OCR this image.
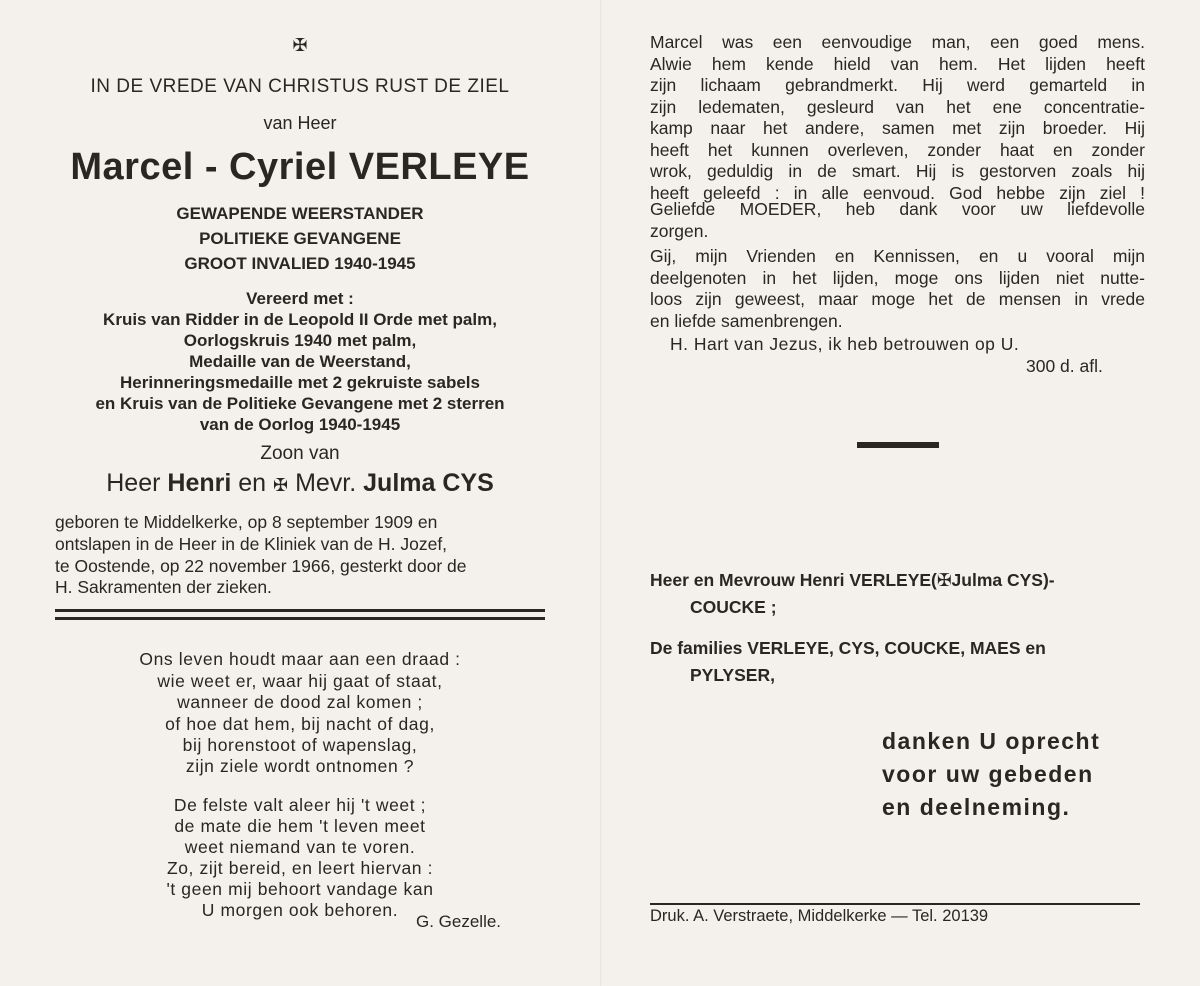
✠
IN DE VREDE VAN CHRISTUS RUST DE ZIEL
van Heer
Marcel - Cyriel VERLEYE
GEWAPENDE WEERSTANDER
POLITIEKE GEVANGENE
GROOT INVALIED 1940-1945
Vereerd met :
Kruis van Ridder in de Leopold II Orde met palm,
Oorlogskruis 1940 met palm,
Medaille van de Weerstand,
Herinneringsmedaille met 2 gekruiste sabels
en Kruis van de Politieke Gevangene met 2 sterren
van de Oorlog 1940-1945
Zoon van
Heer Henri en ✠ Mevr. Julma CYS
geboren te Middelkerke, op 8 september 1909 en
ontslapen in de Heer in de Kliniek van de H. Jozef,
te Oostende, op 22 november 1966, gesterkt door de
H. Sakramenten der zieken.
Ons leven houdt maar aan een draad :
wie weet er, waar hij gaat of staat,
wanneer de dood zal komen ;
of hoe dat hem, bij nacht of dag,
bij horenstoot of wapenslag,
zijn ziele wordt ontnomen ?
De felste valt aleer hij 't weet ;
de mate die hem 't leven meet
weet niemand van te voren.
Zo, zijt bereid, en leert hiervan :
't geen mij behoort vandage kan
U morgen ook behoren.
G. Gezelle.
Marcel was een eenvoudige man, een goed mens.
Alwie hem kende hield van hem. Het lijden heeft
zijn lichaam gebrandmerkt. Hij werd gemarteld in
zijn ledematen, gesleurd van het ene concentratie-
kamp naar het andere, samen met zijn broeder. Hij
heeft het kunnen overleven, zonder haat en zonder
wrok, geduldig in de smart. Hij is gestorven zoals hij
heeft geleefd : in alle eenvoud. God hebbe zijn ziel !
Geliefde MOEDER, heb dank voor uw liefdevolle
zorgen.
Gij, mijn Vrienden en Kennissen, en u vooral mijn
deelgenoten in het lijden, moge ons lijden niet nutte-
loos zijn geweest, maar moge het de mensen in vrede
en liefde samenbrengen.
H. Hart van Jezus, ik heb betrouwen op U.
300 d. afl.
Heer en Mevrouw Henri VERLEYE(✠Julma CYS)-
COUCKE ;
De families VERLEYE, CYS, COUCKE, MAES en
PYLYSER,
danken U oprecht
voor uw gebeden
en deelneming.
Druk. A. Verstraete, Middelkerke — Tel. 20139
